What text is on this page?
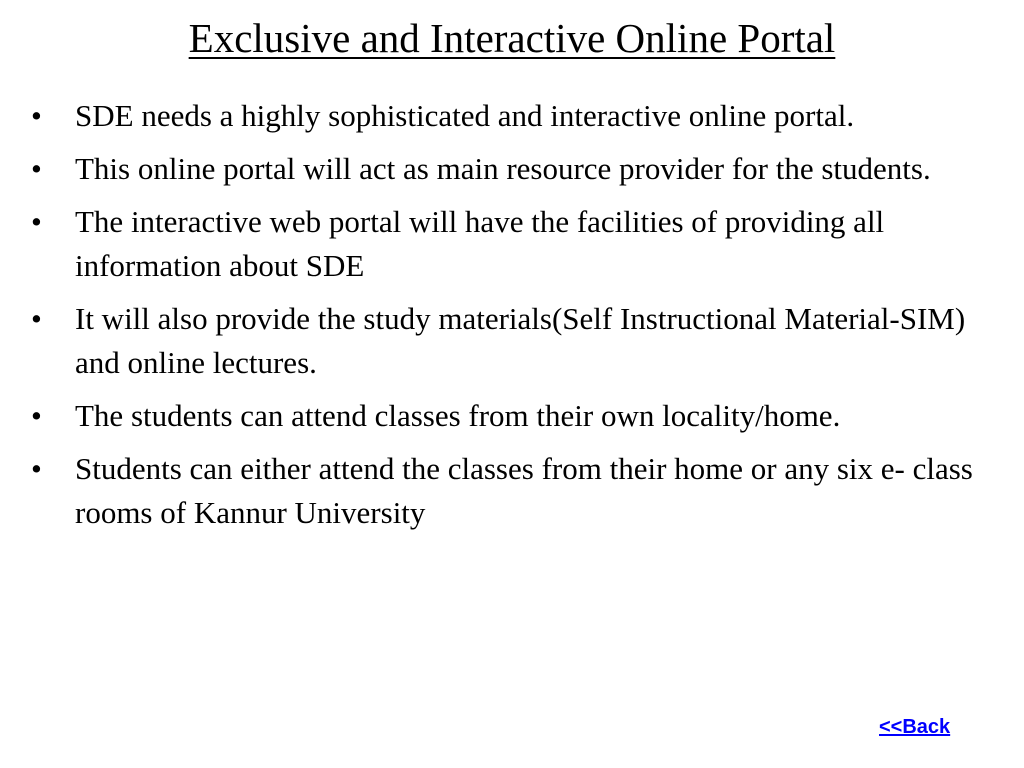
Exclusive and Interactive Online Portal
•	SDE needs a highly sophisticated and interactive online portal.
•	This online portal will act as main resource provider for the students.
•	The interactive web portal will have the facilities of providing all information about SDE
•	It will also provide the study materials(Self Instructional Material-SIM) and online lectures.
•	The students can attend classes from their own locality/home.
•	Students can either attend the classes from their home or any six e- class rooms of Kannur University
<<Back
